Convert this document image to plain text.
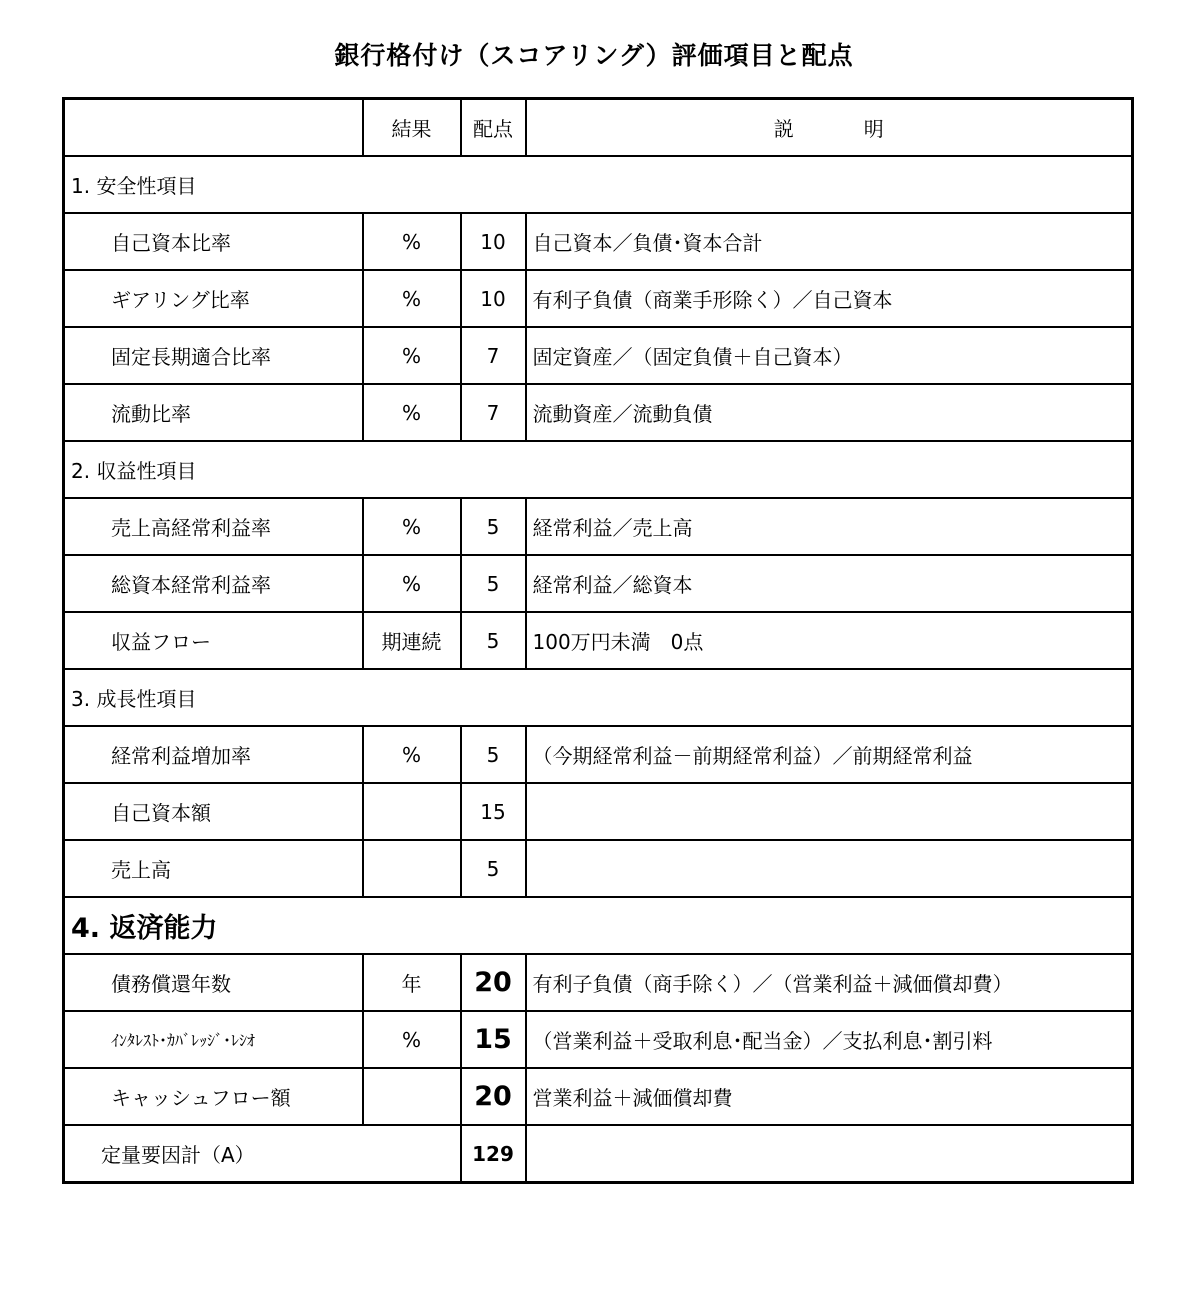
銀行格付け（スコアリング）評価項目と配点
	結果	配点	説 明
1. 安全性項目			
自己資本比率	%	10	自己資本／負債･資本合計
ギアリング比率	%	10	有利子負債（商業手形除く）／自己資本
固定長期適合比率	%	7	固定資産／（固定負債＋自己資本）
流動比率	%	7	流動資産／流動負債
2. 収益性項目			
売上高経常利益率	%	5	経常利益／売上高
総資本経常利益率	%	5	経常利益／総資本
収益フロー	期連続	5	100万円未満　0点
3. 成長性項目			
経常利益増加率	%	5	（今期経常利益－前期経常利益）／前期経常利益
自己資本額		15	
売上高		5	
4. 返済能力			
債務償還年数	年	20	有利子負債（商手除く）／（営業利益＋減価償却費）
ｲﾝﾀﾚｽﾄ･ｶﾊﾞﾚｯｼﾞ･ﾚｼｵ	%	15	（営業利益＋受取利息･配当金）／支払利息･割引料
キャッシュフロー額		20	営業利益＋減価償却費
定量要因計（A）		129	
